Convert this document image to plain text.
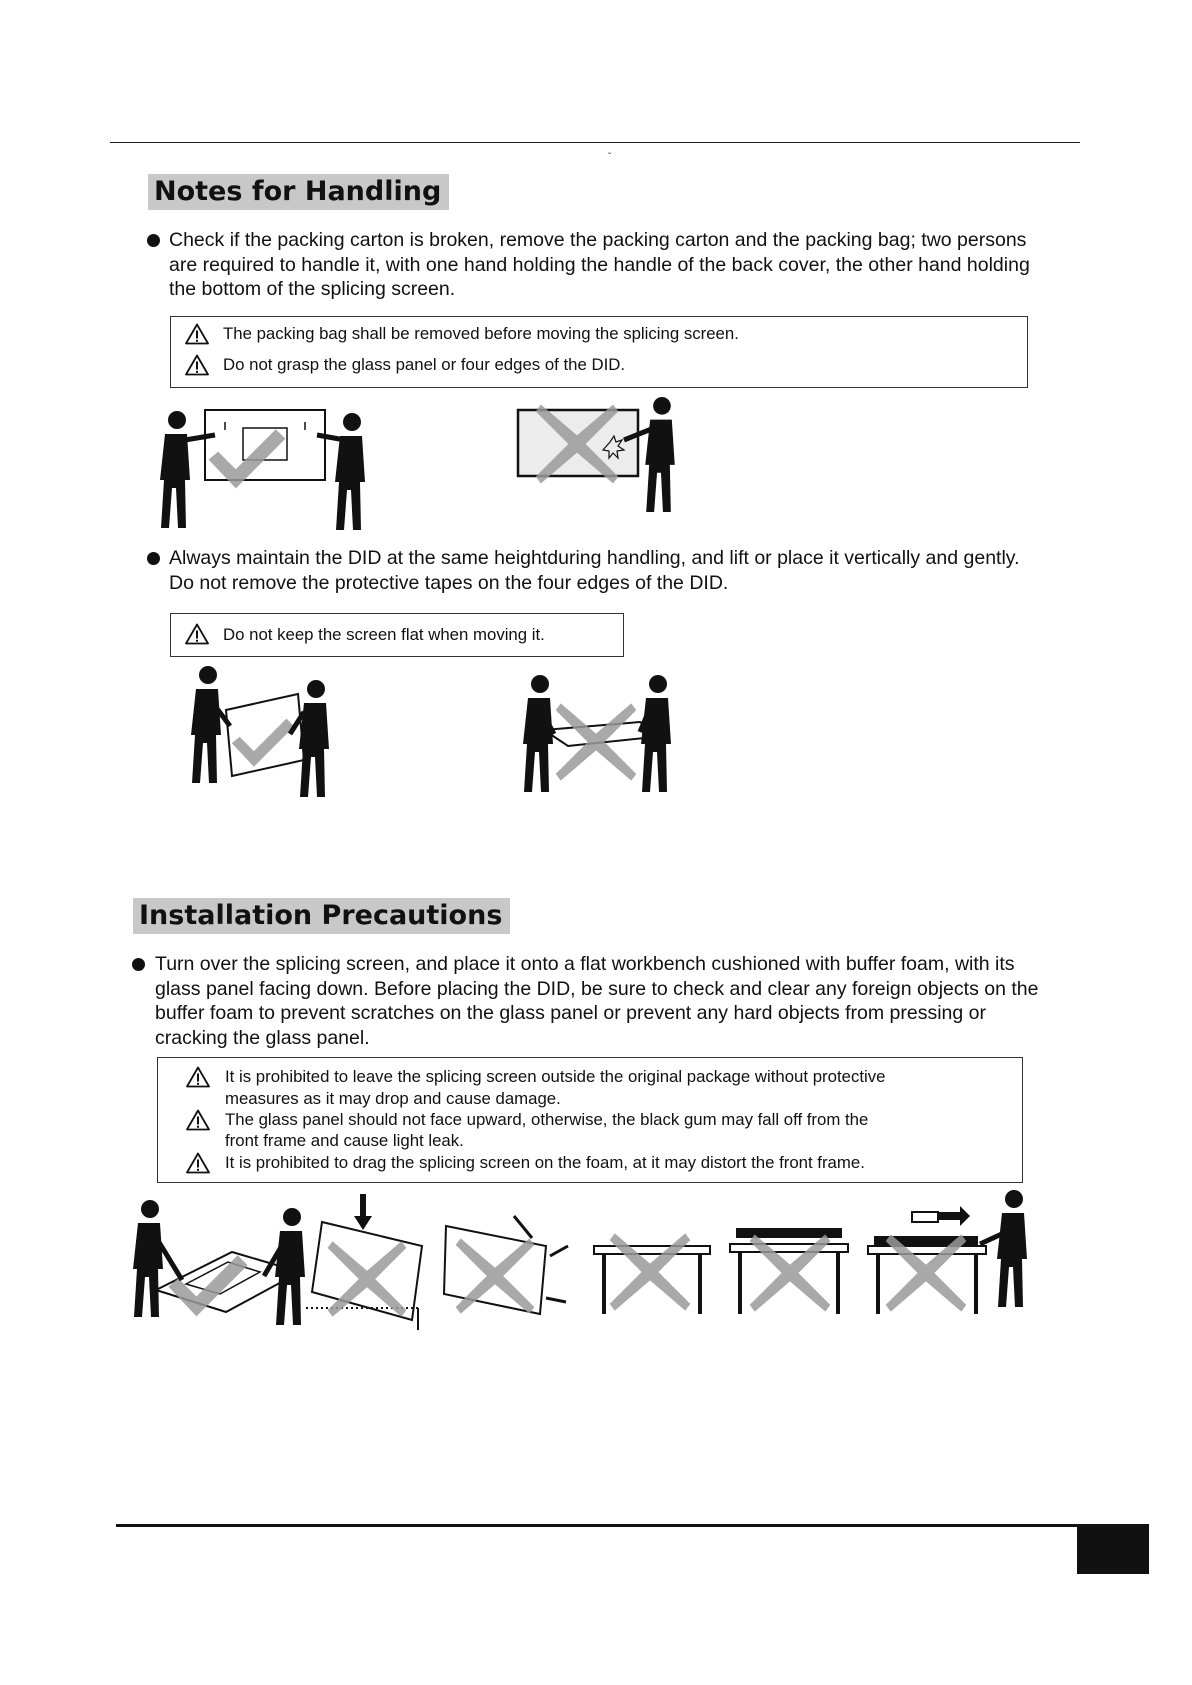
ˇ
Notes for Handling
Check if the packing carton is broken, remove the packing carton and the packing bag; two persons are required to handle it, with one hand holding the handle of the back cover, the other hand holding the bottom of the splicing screen.
The packing bag shall be removed before moving the splicing screen.
Do not grasp the glass panel or four edges of the DID.
Always maintain the DID at the same heightduring handling, and lift or place it vertically and gently. Do not remove the protective tapes on the four edges of the DID.
Do not keep the screen flat when moving it.
Installation Precautions
Turn over the splicing screen, and place it onto a flat workbench cushioned with buffer foam, with its glass panel facing down. Before placing the DID, be sure to check and clear any foreign objects on the buffer foam to prevent scratches on the glass panel or prevent any hard objects from pressing or cracking the glass panel.
It is prohibited to leave the splicing screen outside the original package without protective
measures as it may drop and cause damage.
The glass panel should not face upward, otherwise, the black gum may fall off from the
front frame and cause light leak.
It is prohibited to drag the splicing screen on the foam, at it may distort the front frame.
